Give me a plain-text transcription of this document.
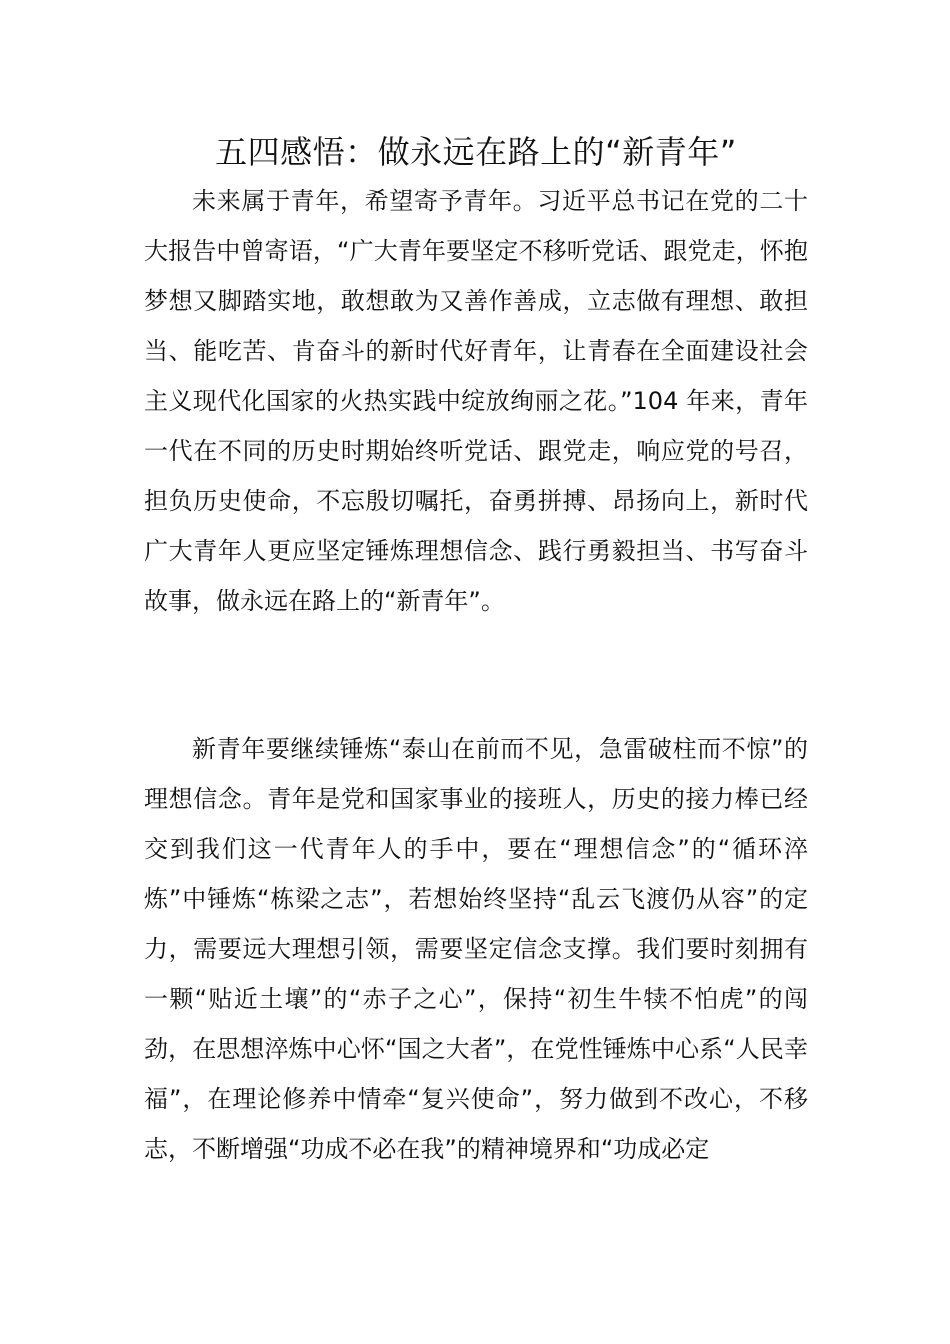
五四感悟：做永远在路上的“新青年”

未来属于青年，希望寄予青年。习近平总书记在党的二十大报告中曾寄语，“广大青年要坚定不移听党话、跟党走，怀抱梦想又脚踏实地，敢想敢为又善作善成，立志做有理想、敢担当、能吃苦、肯奋斗的新时代好青年，让青春在全面建设社会主义现代化国家的火热实践中绽放绚丽之花。”104 年来，青年一代在不同的历史时期始终听党话、跟党走，响应党的号召，担负历史使命，不忘殷切嘱托，奋勇拼搏、昂扬向上，新时代广大青年人更应坚定锤炼理想信念、践行勇毅担当、书写奋斗故事，做永远在路上的“新青年”。

新青年要继续锤炼“泰山在前而不见，急雷破柱而不惊”的理想信念。青年是党和国家事业的接班人，历史的接力棒已经交到我们这一代青年人的手中，要在“理想信念”的“循环淬炼”中锤炼“栋梁之志”，若想始终坚持“乱云飞渡仍从容”的定力，需要远大理想引领，需要坚定信念支撑。我们要时刻拥有一颗“贴近土壤”的“赤子之心”，保持“初生牛犊不怕虎”的闯劲，在思想淬炼中心怀“国之大者”，在党性锤炼中心系“人民幸福”，在理论修养中情牵“复兴使命”，努力做到不改心，不移志，不断增强“功成不必在我”的精神境界和“功成必定
